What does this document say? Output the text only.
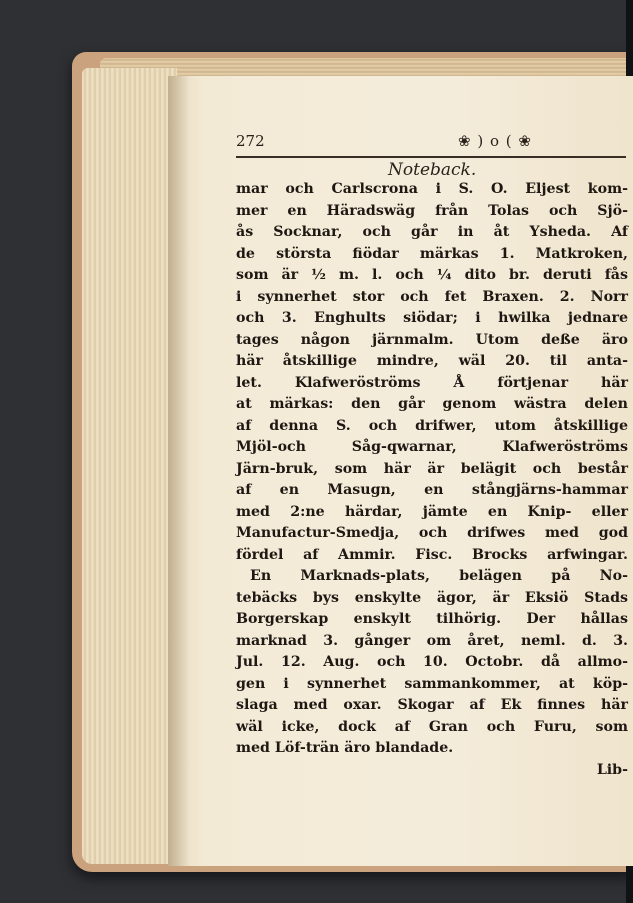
272	❀ ) o ( ❀
Noteback.
mar och Carlscrona i S. O. Eljest kom-
mer en Häradswäg från Tolas och Sjö-
ås Socknar, och går in åt Ysheda. Af
de största fiödar märkas 1. Matkroken,
som är ½ m. l. och ¼ dito br. deruti fås
i synnerhet stor och fet Braxen. 2. Norr
och 3. Enghults siödar; i hwilka jednare
tages någon järnmalm. Utom deße äro
här åtskillige mindre, wäl 20. til anta-
let. Klafweröströms Å förtjenar här
at märkas: den går genom wästra delen
af denna S. och drifwer, utom åtskillige
Mjöl-och Såg-qwarnar, Klafweröströms
Järn-bruk, som här är belägit och består
af en Masugn, en stångjärns-hammar
med 2:ne härdar, jämte en Knip- eller
Manufactur-Smedja, och drifwes med god
fördel af Ammir. Fisc. Brocks arfwingar.
En Marknads-plats, belägen på No-
tebäcks bys enskylte ägor, är Eksiö Stads
Borgerskap enskylt tilhörig. Der hållas
marknad 3. gånger om året, neml. d. 3.
Jul. 12. Aug. och 10. Octobr. då allmo-
gen i synnerhet sammankommer, at köp-
slaga med oxar. Skogar af Ek finnes här
wäl icke, dock af Gran och Furu, som
med Löf-trän äro blandade.
Lib-
